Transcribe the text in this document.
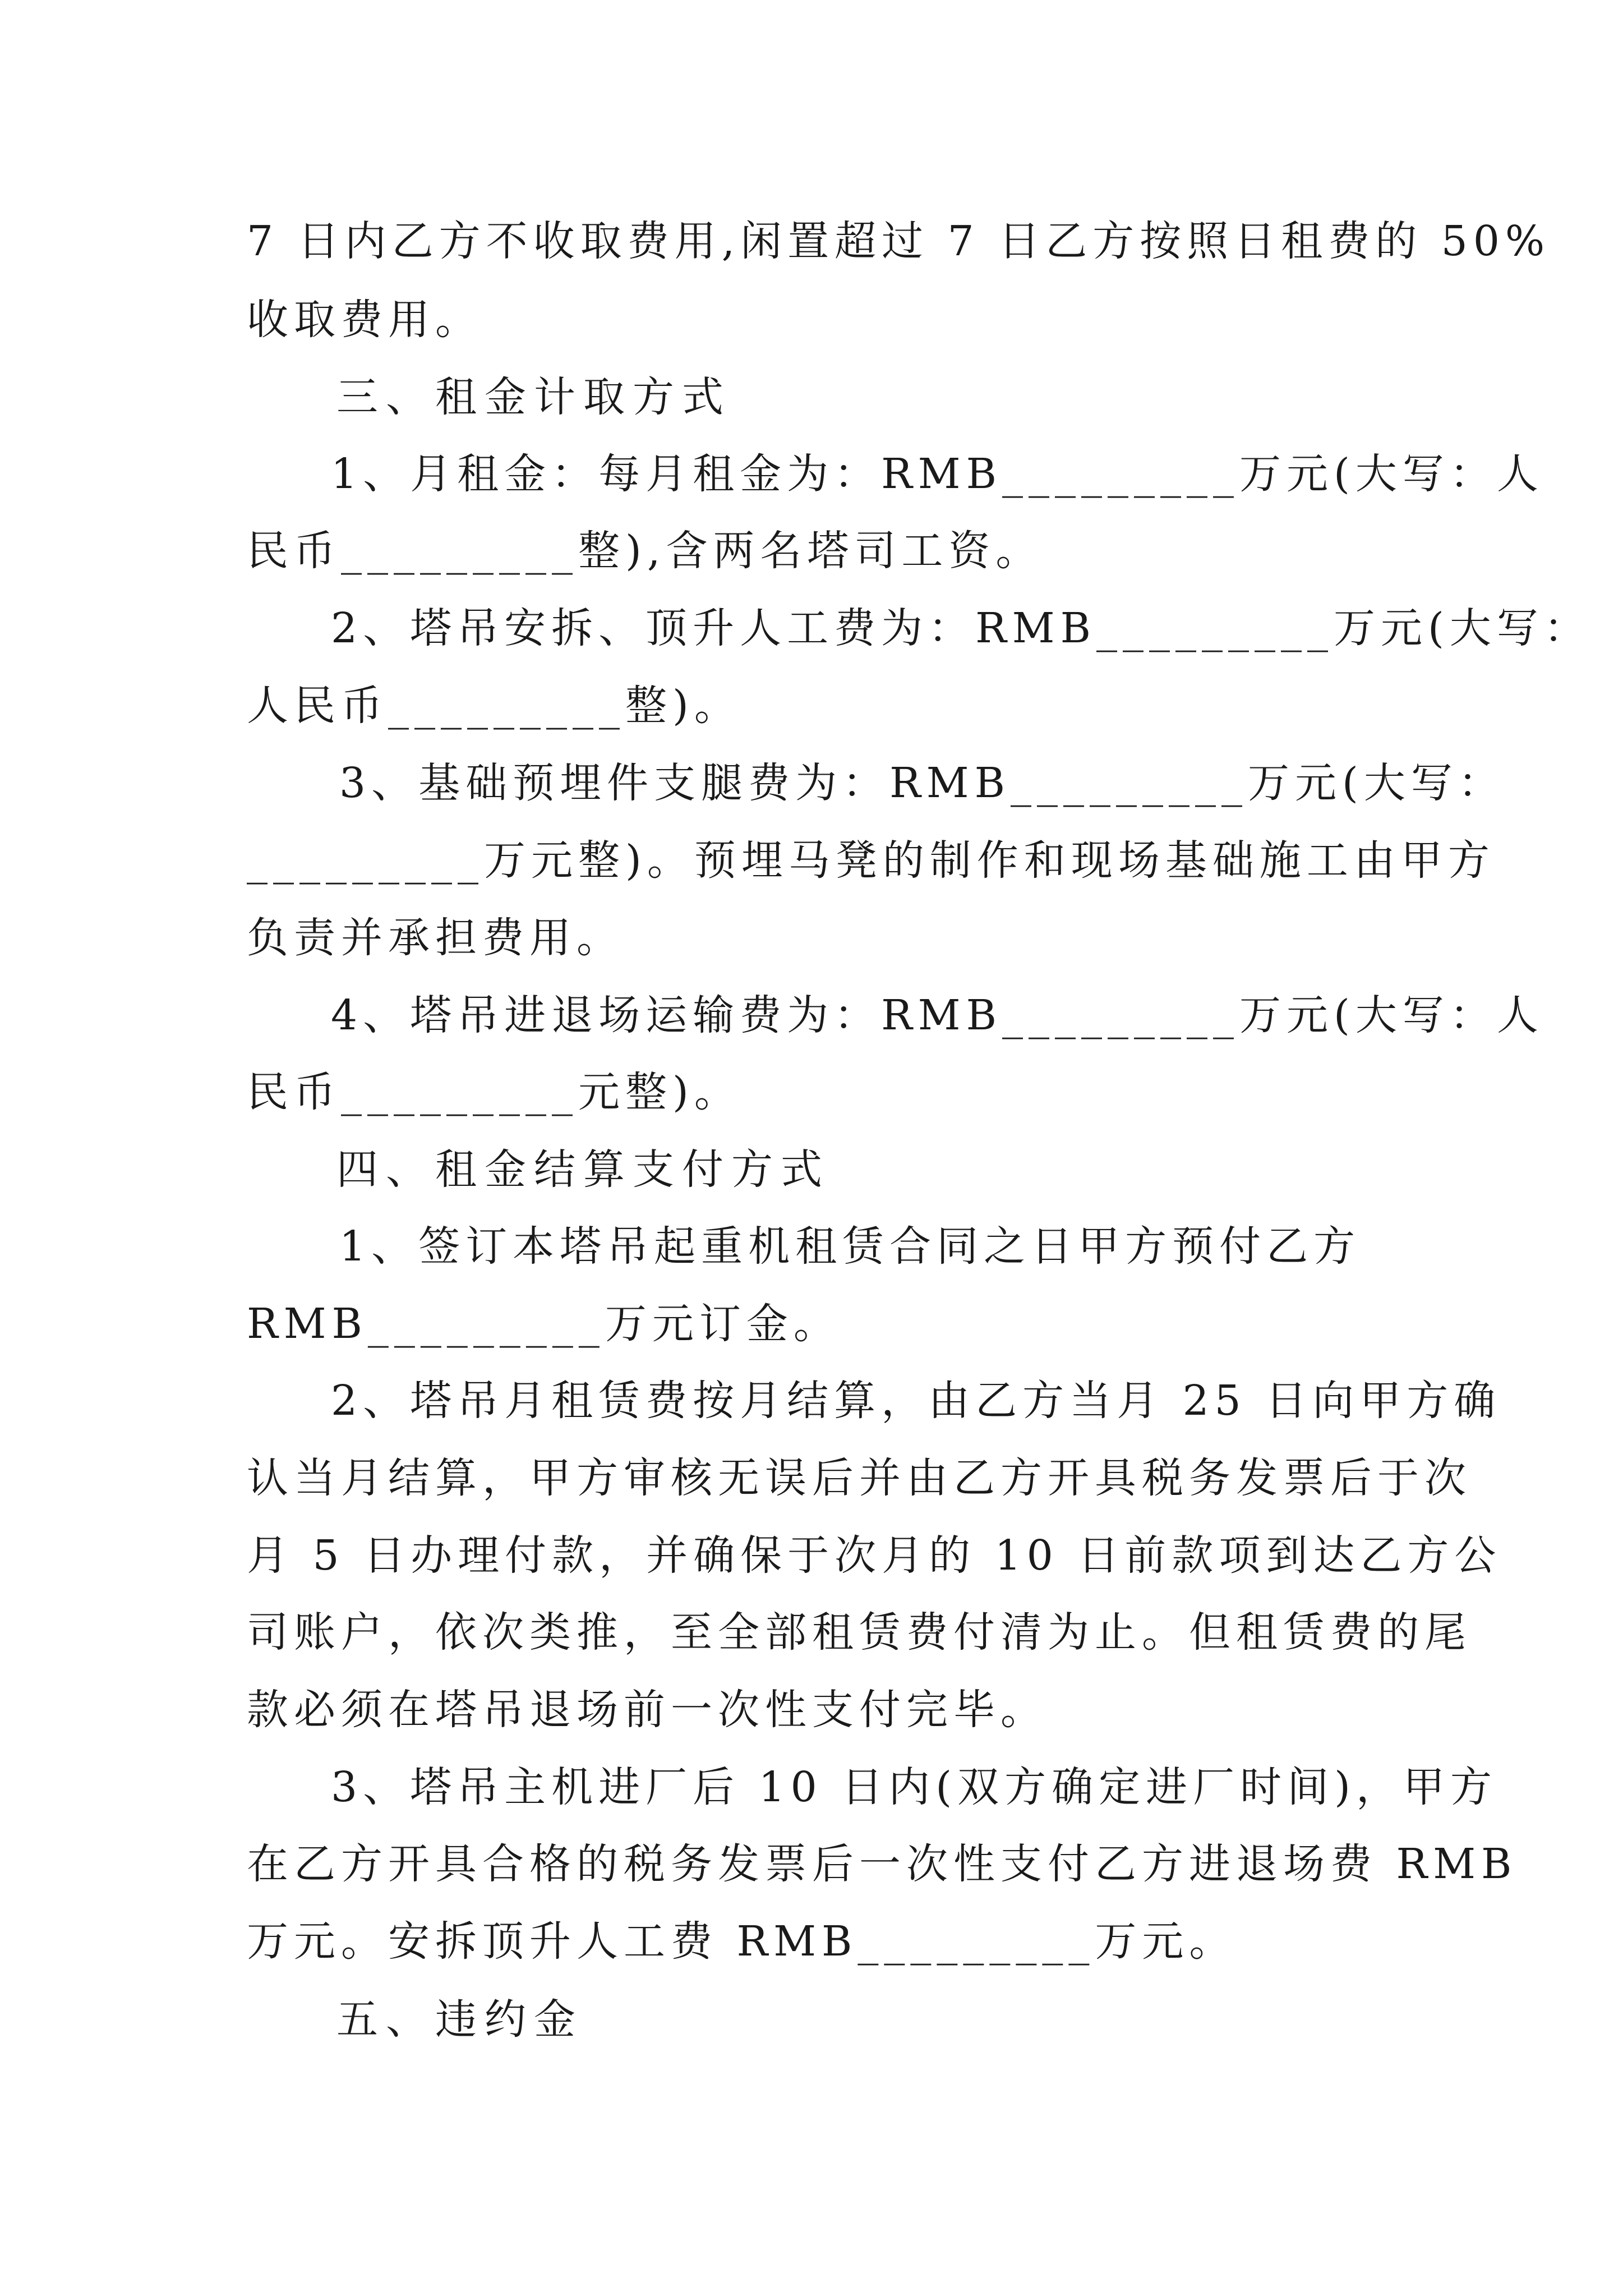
7 日内乙方不收取费用,闲置超过 7 日乙方按照日租费的 50%
收取费用。
三、租金计取方式
1、月租金：每月租金为：RMB_________万元(大写：人
民币_________整),含两名塔司工资。
2、塔吊安拆、顶升人工费为：RMB_________万元(大写：
人民币_________整)。
3、基础预埋件支腿费为：RMB_________万元(大写：
_________万元整)。预埋马凳的制作和现场基础施工由甲方
负责并承担费用。
4、塔吊进退场运输费为：RMB_________万元(大写：人
民币_________元整)。
四、租金结算支付方式
1、签订本塔吊起重机租赁合同之日甲方预付乙方
RMB_________万元订金。
2、塔吊月租赁费按月结算，由乙方当月 25 日向甲方确
认当月结算，甲方审核无误后并由乙方开具税务发票后于次
月 5 日办理付款，并确保于次月的 10 日前款项到达乙方公
司账户，依次类推，至全部租赁费付清为止。但租赁费的尾
款必须在塔吊退场前一次性支付完毕。
3、塔吊主机进厂后 10 日内(双方确定进厂时间)，甲方
在乙方开具合格的税务发票后一次性支付乙方进退场费 RMB
万元。安拆顶升人工费 RMB_________万元。
五、违约金
